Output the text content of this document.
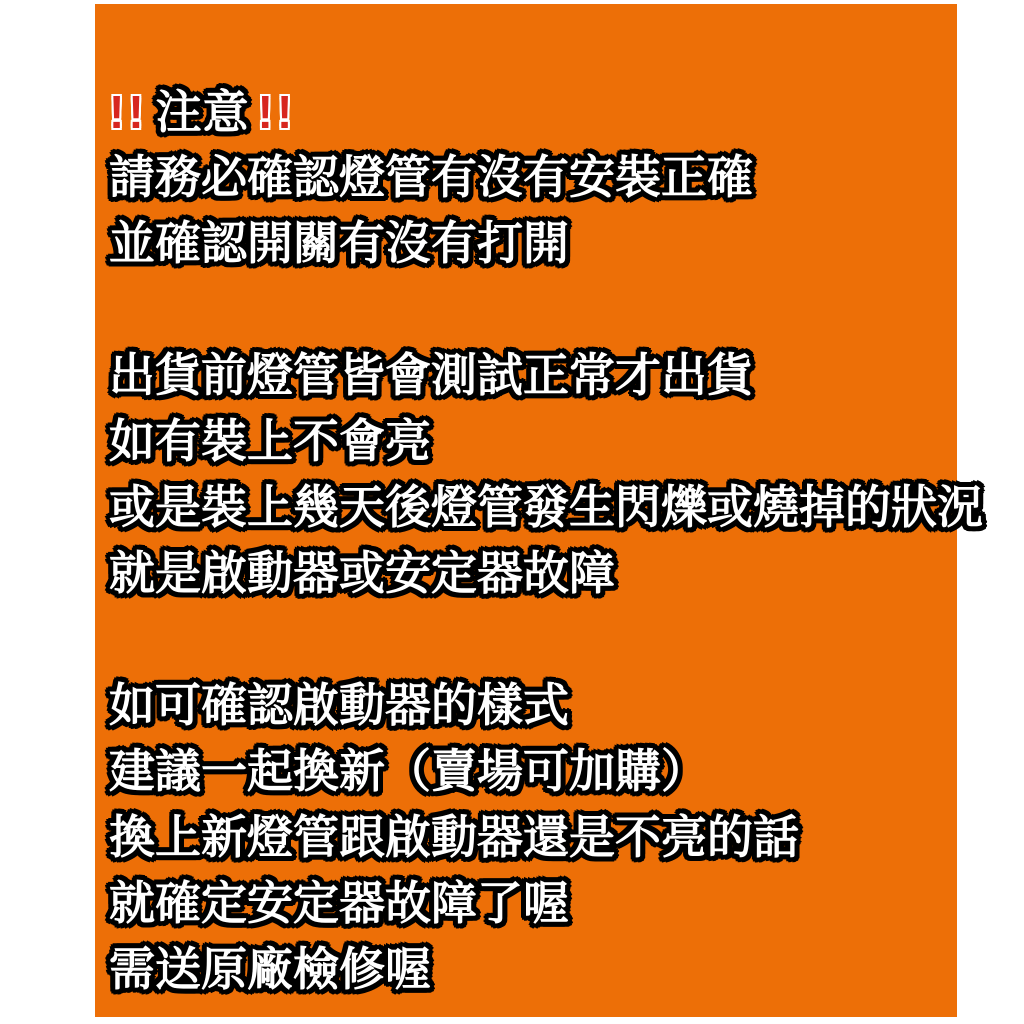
!! 注意 !!
請務必確認燈管有沒有安裝正確
並確認開關有沒有打開
出貨前燈管皆會測試正常才出貨
如有裝上不會亮
或是裝上幾天後燈管發生閃爍或燒掉的狀況
就是啟動器或安定器故障
如可確認啟動器的樣式
建議一起換新（賣場可加購）
換上新燈管跟啟動器還是不亮的話
就確定安定器故障了喔
需送原廠檢修喔
